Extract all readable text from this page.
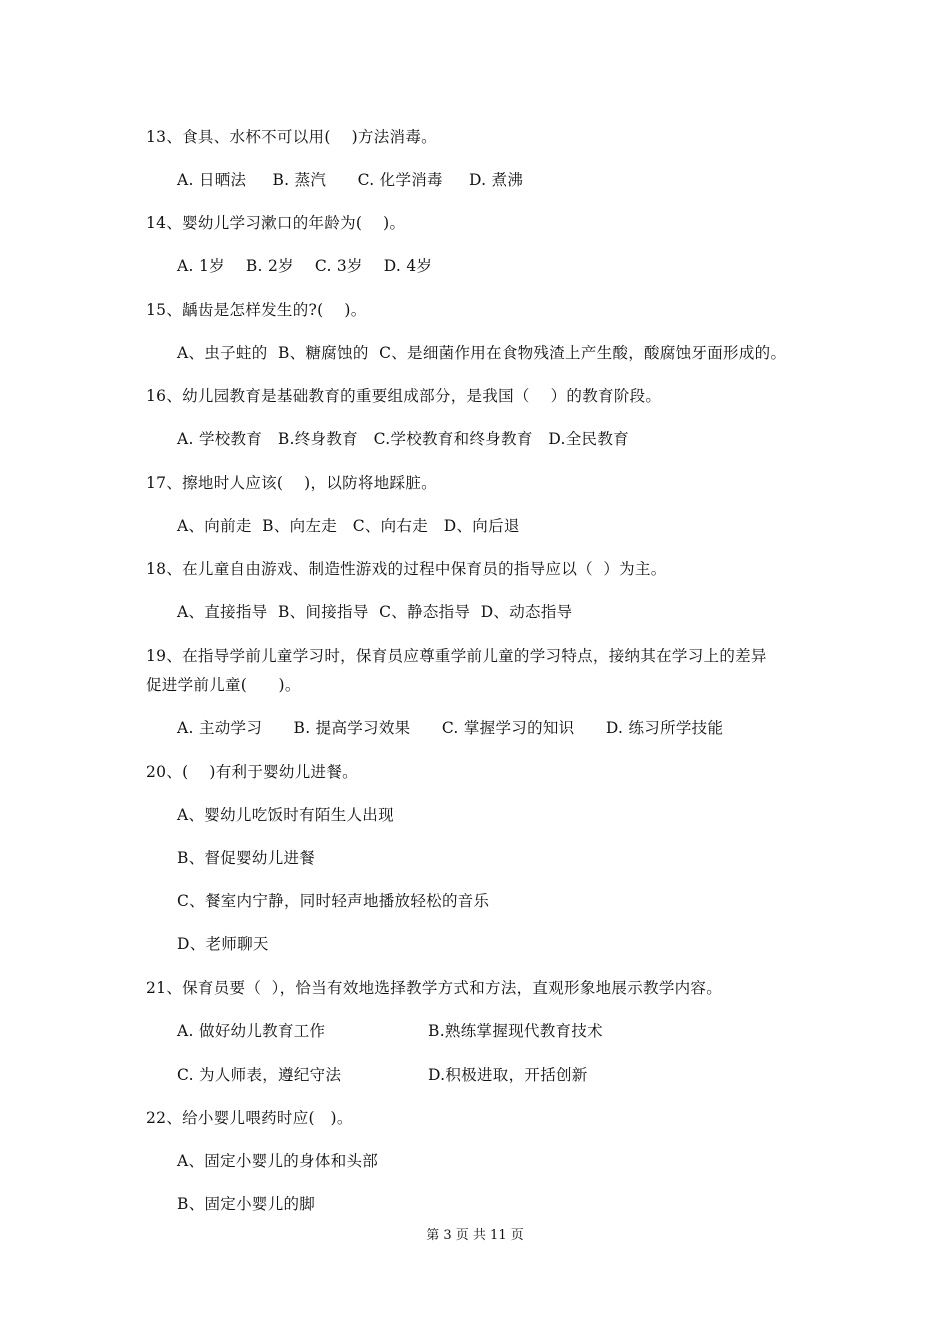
13、食具、水杯不可以用(    )方法消毒。
A. 日晒法     B. 蒸汽      C. 化学消毒     D. 煮沸
14、婴幼儿学习漱口的年龄为(    )。
A. 1岁    B. 2岁    C. 3岁    D. 4岁
15、龋齿是怎样发生的?(    )。
A、虫子蛀的  B、糖腐蚀的  C、是细菌作用在食物残渣上产生酸，酸腐蚀牙面形成的。
16、幼儿园教育是基础教育的重要组成部分，是我国（    ）的教育阶段。
A. 学校教育   B.终身教育   C.学校教育和终身教育   D.全民教育
17、擦地时人应该(    )，以防将地踩脏。
A、向前走  B、向左走   C、向右走   D、向后退
18、在儿童自由游戏、制造性游戏的过程中保育员的指导应以（  ）为主。
A、直接指导  B、间接指导  C、静态指导  D、动态指导
19、在指导学前儿童学习时，保育员应尊重学前儿童的学习特点，接纳其在学习上的差异
促进学前儿童(      )。
A. 主动学习      B. 提高学习效果      C. 掌握学习的知识      D. 练习所学技能
20、(    )有利于婴幼儿进餐。
A、婴幼儿吃饭时有陌生人出现
B、督促婴幼儿进餐
C、餐室内宁静，同时轻声地播放轻松的音乐
D、老师聊天
21、保育员要（  ），恰当有效地选择教学方式和方法，直观形象地展示教学内容。
A. 做好幼儿教育工作	B.熟练掌握现代教育技术
C. 为人师表，遵纪守法	D.积极进取，开括创新
22、给小婴儿喂药时应(   )。
A、固定小婴儿的身体和头部
B、固定小婴儿的脚
第 3 页 共 11 页
